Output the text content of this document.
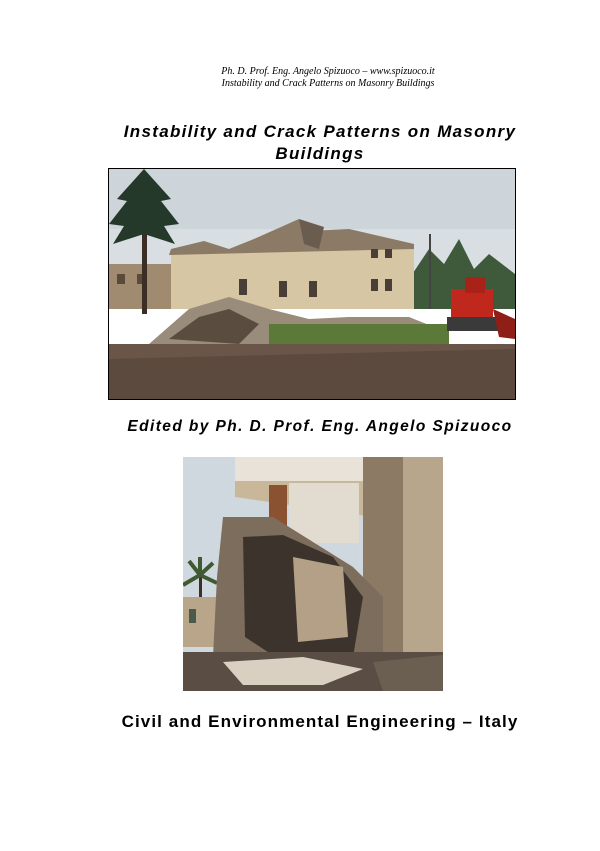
Ph. D. Prof. Eng. Angelo Spizuoco – www.spizuoco.it
Instability and Crack Patterns on Masonry Buildings
Instability and Crack Patterns on Masonry
Buildings
Edited by Ph. D. Prof. Eng. Angelo Spizuoco
Civil and Environmental Engineering – Italy
